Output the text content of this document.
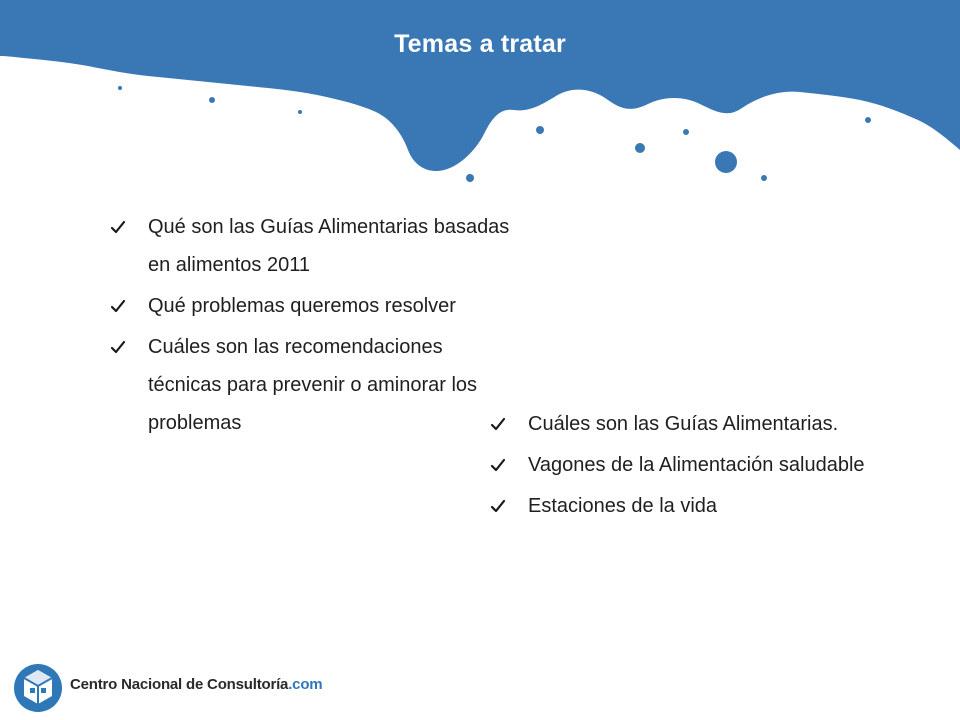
Temas a tratar
Qué son las Guías Alimentarias basadas en alimentos 2011
Qué problemas queremos resolver
Cuáles son las recomendaciones técnicas para prevenir o aminorar los problemas	Cuáles son las Guías Alimentarias.
Vagones de la Alimentación saludable
Estaciones de la vida
Centro Nacional de Consultoría.com
